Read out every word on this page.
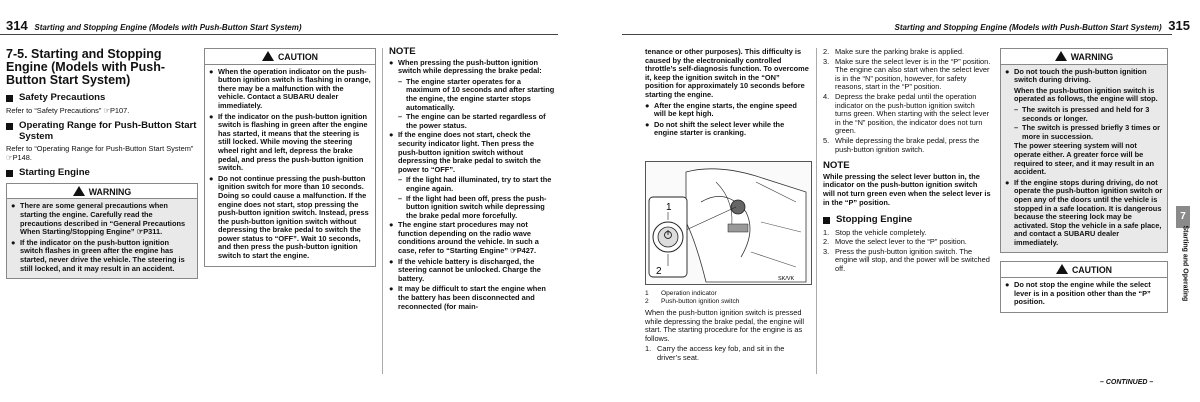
314 Starting and Stopping Engine (Models with Push-Button Start System)
7-5. Starting and Stopping Engine (Models with Push-Button Start System)
Safety Precautions

Refer to “Safety Precautions” ☞P107.

Operating Range for Push-Button Start System

Refer to “Operating Range for Push-Button Start System” ☞P148.

Starting Engine
WARNING
● There are some general precautions when starting the engine. Carefully read the precautions described in “General Precautions When Starting/Stopping Engine” ☞P311.
● If the indicator on the push-button ignition switch flashes in green after the engine has started, never drive the vehicle. The steering is still locked, and it may result in an accident.
CAUTION
● When the operation indicator on the push-button ignition switch is flashing in orange, there may be a malfunction with the vehicle. Contact a SUBARU dealer immediately.
● If the indicator on the push-button ignition switch is flashing in green after the engine has started, it means that the steering is still locked. While moving the steering wheel right and left, depress the brake pedal, and press the push-button ignition switch.
● Do not continue pressing the push-button ignition switch for more than 10 seconds. Doing so could cause a malfunction. If the engine does not start, stop pressing the push-button ignition switch. Instead, press the push-button ignition switch without depressing the brake pedal to switch the power status to “OFF”. Wait 10 seconds, and then press the push-button ignition switch to start the engine.
NOTE
● When pressing the push-button ignition switch while depressing the brake pedal:
– The engine starter operates for a maximum of 10 seconds and after starting the engine, the engine starter stops automatically.
– The engine can be started regardless of the power status.
● If the engine does not start, check the security indicator light. Then press the push-button ignition switch without depressing the brake pedal to switch the power to “OFF”.
– If the light had illuminated, try to start the engine again.
– If the light had been off, press the push-button ignition switch while depressing the brake pedal more forcefully.
● The engine start procedures may not function depending on the radio wave conditions around the vehicle. In such a case, refer to “Starting Engine” ☞P427.
● If the vehicle battery is discharged, the steering cannot be unlocked. Charge the battery.
● It may be difficult to start the engine when the battery has been disconnected and reconnected (for main-
Starting and Stopping Engine (Models with Push-Button Start System) 315

tenance or other purposes). This difficulty is caused by the electronically controlled throttle’s self-diagnosis function. To overcome it, keep the ignition switch in the “ON” position for approximately 10 seconds before starting the engine.

● After the engine starts, the engine speed will be kept high.
● Do not shift the select lever while the engine starter is cranking.
1
2
SK/VK
1	Operation indicator
2	Push-button ignition switch

When the push-button ignition switch is pressed while depressing the brake pedal, the engine will start. The starting procedure for the engine is as follows.

1. Carry the access key fob, and sit in the driver’s seat.
2. Make sure the parking brake is applied.
3. Make sure the select lever is in the “P” position. The engine can also start when the select lever is in the “N” position, however, for safety reasons, start in the “P” position.
4. Depress the brake pedal until the operation indicator on the push-button ignition switch turns green. When starting with the select lever in the “N” position, the indicator does not turn green.
5. While depressing the brake pedal, press the push-button ignition switch.
NOTE

While pressing the select lever button in, the indicator on the push-button ignition switch will not turn green even when the select lever is in the “P” position.

Stopping Engine
1. Stop the vehicle completely.
2. Move the select lever to the “P” position.
3. Press the push-button ignition switch. The engine will stop, and the power will be switched off.
WARNING
● Do not touch the push-button ignition switch during driving.

When the push-button ignition switch is operated as follows, the engine will stop.

– The switch is pressed and held for 3 seconds or longer.
– The switch is pressed briefly 3 times or more in succession.

The power steering system will not operate either. A greater force will be required to steer, and it may result in an accident.

● If the engine stops during driving, do not operate the push-button ignition switch or open any of the doors until the vehicle is stopped in a safe location. It is dangerous because the steering lock may be activated. Stop the vehicle in a safe place, and contact a SUBARU dealer immediately.
CAUTION
● Do not stop the engine while the select lever is in a position other than the “P” position.
7
Starting and Operating
– CONTINUED –
